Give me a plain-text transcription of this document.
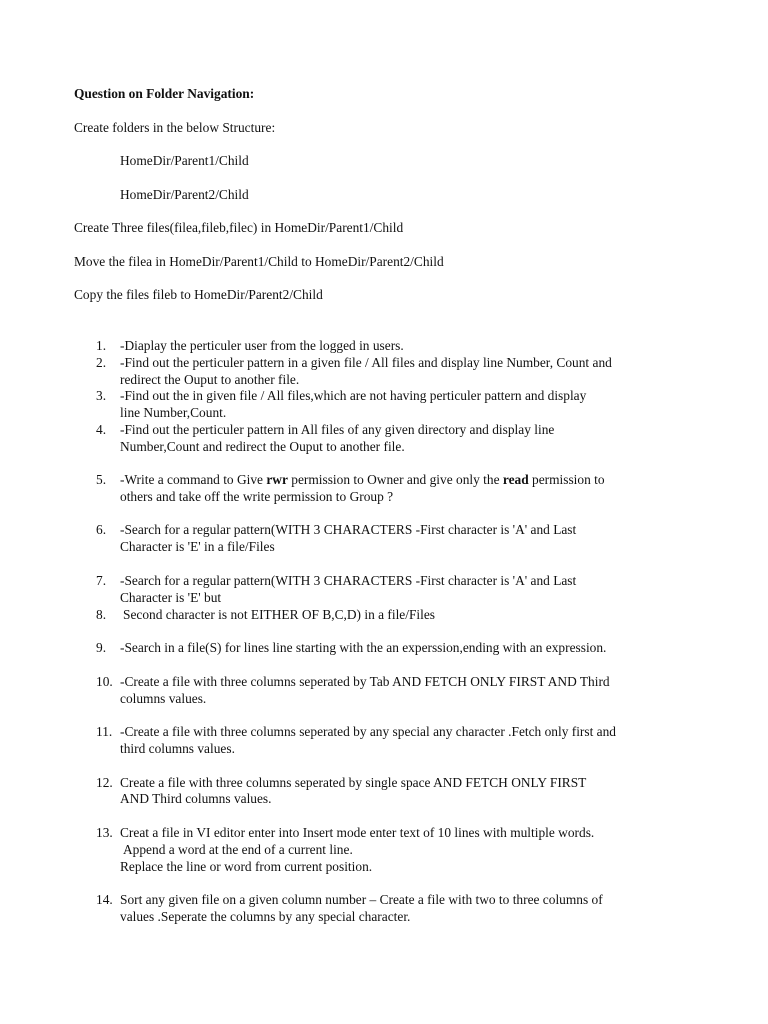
Question on Folder Navigation:
Create folders in the below Structure:
HomeDir/Parent1/Child
HomeDir/Parent2/Child
Create Three files(filea,fileb,filec) in HomeDir/Parent1/Child
Move the filea in HomeDir/Parent1/Child to HomeDir/Parent2/Child
Copy the files fileb to HomeDir/Parent2/Child
1. -Diaplay the perticuler user from the logged in users.
2. -Find out the perticuler pattern in a given file / All files and display line Number, Count and
redirect the Ouput to another file.
3. -Find out the in given file / All files,which are not having perticuler pattern and display
line Number,Count.
4. -Find out the perticuler pattern in All files of any given directory and display line
Number,Count and redirect the Ouput to another file.
5. -Write a command to Give rwr permission to Owner and give only the read permission to
others and take off the write permission to Group ?
6. -Search for a regular pattern(WITH 3 CHARACTERS -First character is 'A' and Last
Character is 'E' in a file/Files
7. -Search for a regular pattern(WITH 3 CHARACTERS -First character is 'A' and Last
Character is 'E' but
8. Second character is not EITHER OF B,C,D) in a file/Files
9. -Search in a file(S) for lines line starting with the an experssion,ending with an expression.
10. -Create a file with three columns seperated by Tab AND FETCH ONLY FIRST AND Third
columns values.
11. -Create a file with three columns seperated by any special any character .Fetch only first and
third columns values.
12. Create a file with three columns seperated by single space AND FETCH ONLY FIRST
AND Third columns values.
13. Creat a file in VI editor enter into Insert mode enter text of 10 lines with multiple words.
Append a word at the end of a current line.
Replace the line or word from current position.
14. Sort any given file on a given column number – Create a file with two to three columns of
values .Seperate the columns by any special character.
